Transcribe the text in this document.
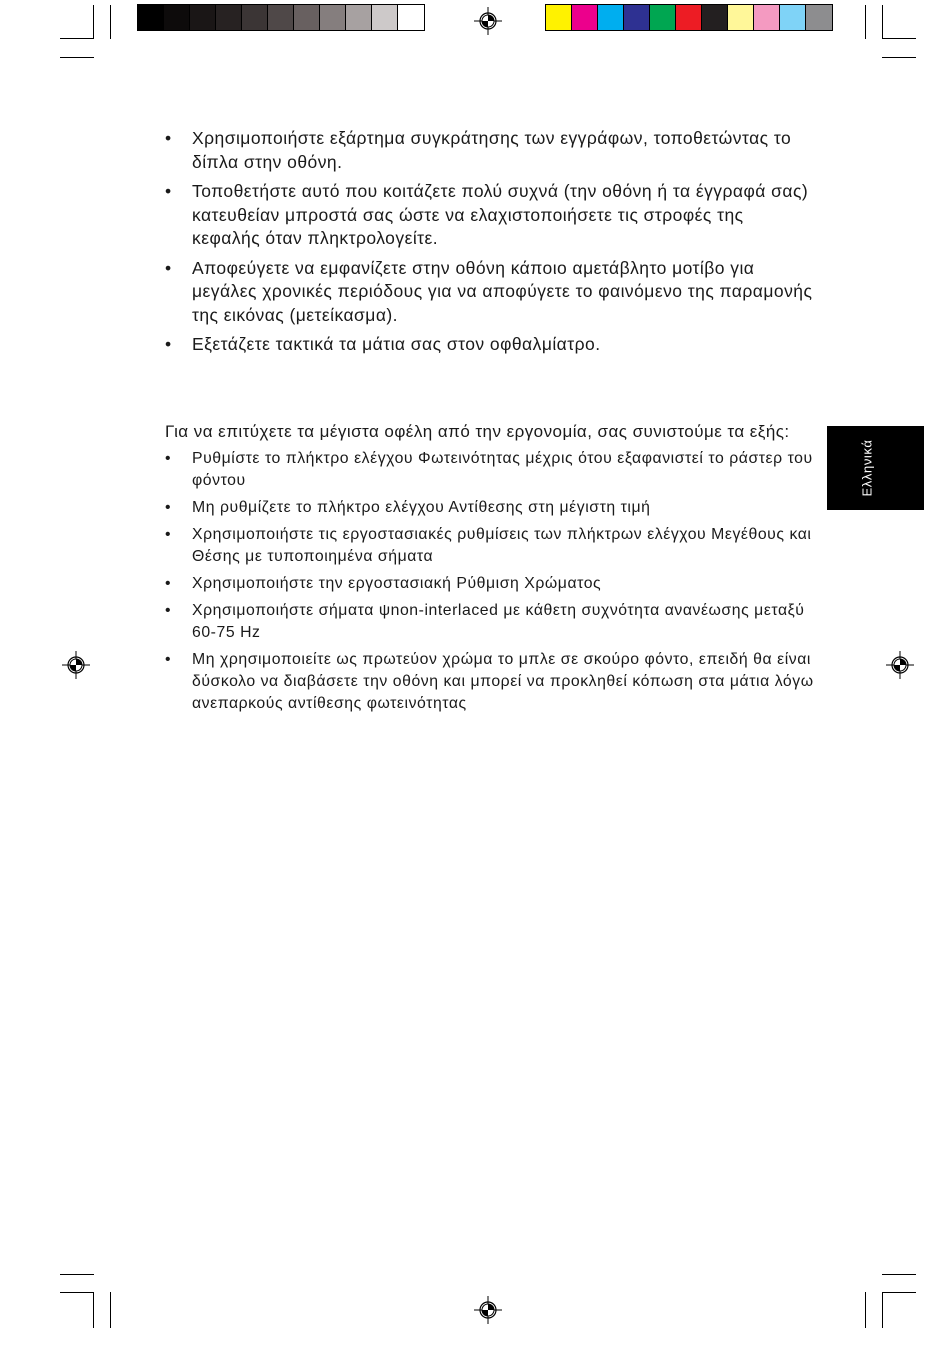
• Χρησιμοποιήστε εξάρτημα συγκράτησης των εγγράφων, τοποθετώντας το δίπλα στην οθόνη.
• Τοποθετήστε αυτό που κοιτάζετε πολύ συχνά (την οθόνη ή τα έγγραφά σας) κατευθείαν μπροστά σας ώστε να ελαχιστοποιήσετε τις στροφές της κεφαλής όταν πληκτρολογείτε.
• Αποφεύγετε να εμφανίζετε στην οθόνη κάποιο αμετάβλητο μοτίβο για μεγάλες χρονικές περιόδους για να αποφύγετε το φαινόμενο της παραμονής της εικόνας (μετείκασμα).
• Εξετάζετε τακτικά τα μάτια σας στον οφθαλμίατρο.

Για να επιτύχετε τα μέγιστα οφέλη από την εργονομία, σας συνιστούμε τα εξής:

• Ρυθμίστε το πλήκτρο ελέγχου Φωτεινότητας μέχρις ότου εξαφανιστεί το ράστερ του φόντου
• Μη ρυθμίζετε το πλήκτρο ελέγχου Αντίθεσης στη μέγιστη τιμή
• Χρησιμοποιήστε τις εργοστασιακές ρυθμίσεις των πλήκτρων ελέγχου Μεγέθους και Θέσης με τυποποιημένα σήματα
• Χρησιμοποιήστε την εργοστασιακή Ρύθμιση Χρώματος
• Χρησιμοποιήστε σήματα ψnon-interlaced με κάθετη συχνότητα ανανέωσης μεταξύ 60-75 Hz
• Μη χρησιμοποιείτε ως πρωτεύον χρώμα το μπλε σε σκούρο φόντο, επειδή θα είναι δύσκολο να διαβάσετε την οθόνη και μπορεί να προκληθεί κόπωση στα μάτια λόγω ανεπαρκούς αντίθεσης φωτεινότητας
Ελληνικά
